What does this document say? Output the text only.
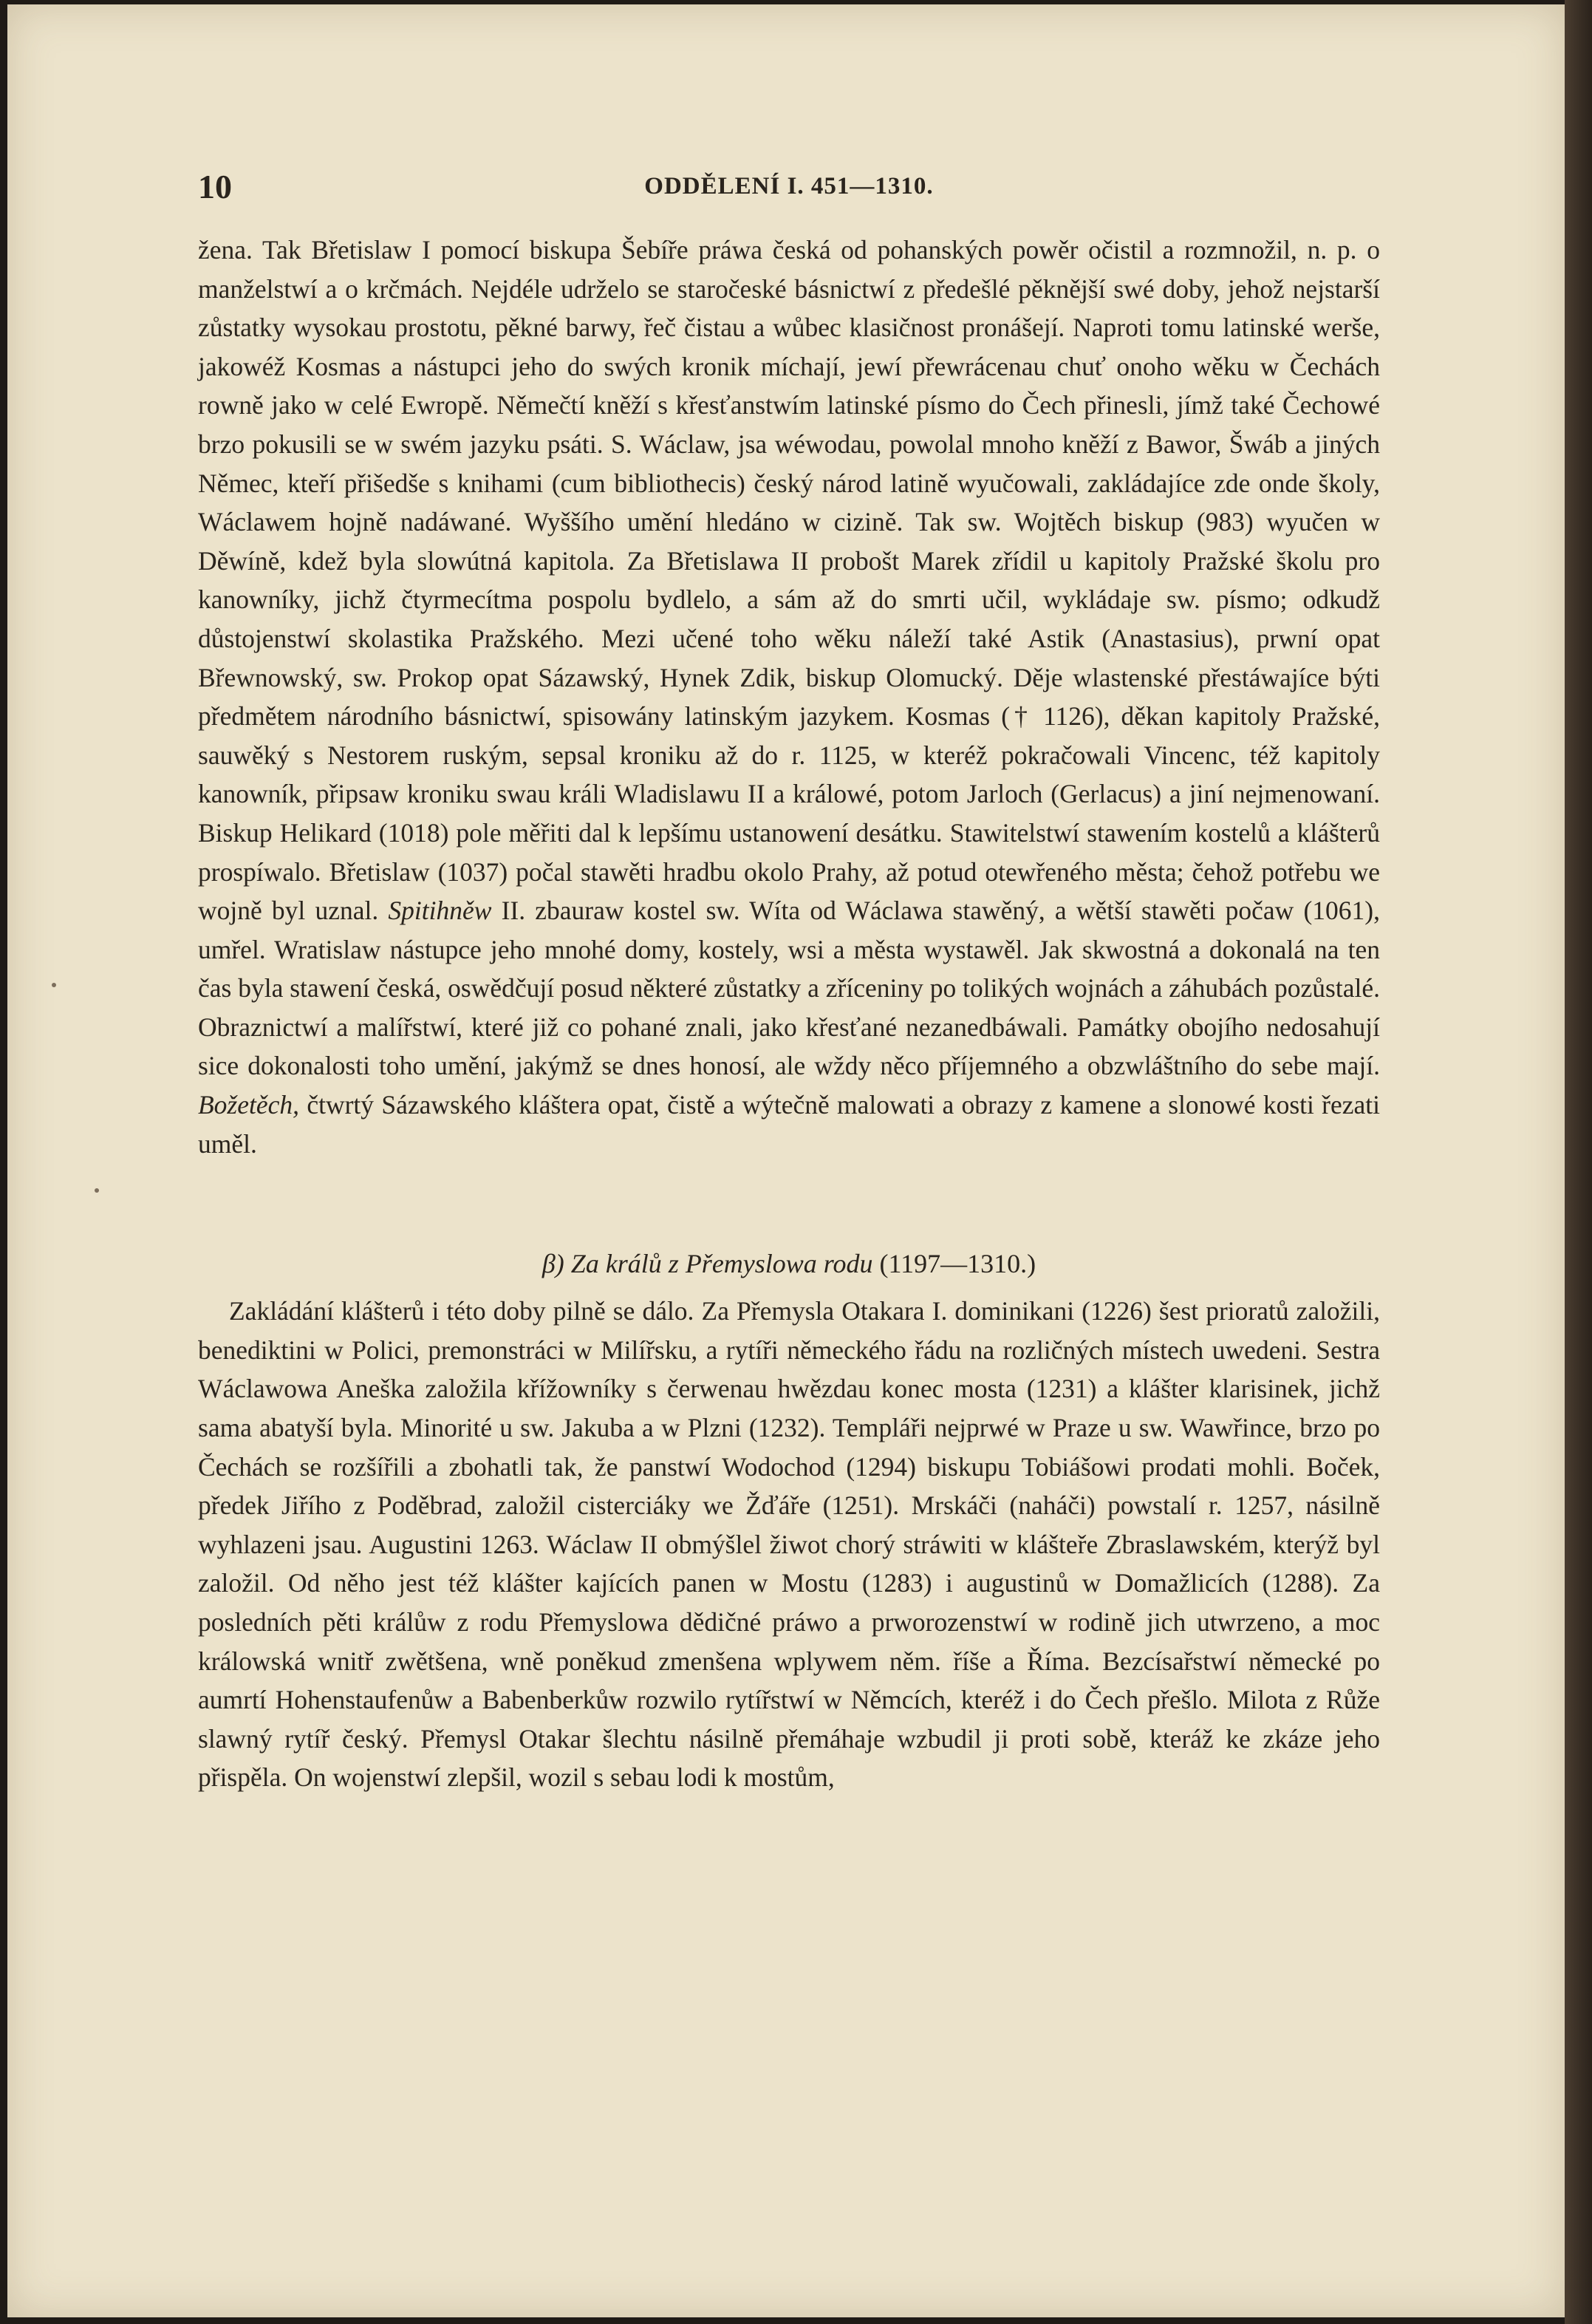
10	ODDĚLENÍ I. 451—1310.

žena. Tak Břetislaw I pomocí biskupa Šebíře práwa česká od pohanských powěr očistil a rozmnožil, n. p. o manželstwí a o krčmách. Nejdéle udrželo se staročeské básnictwí z předešlé pěknější swé doby, jehož nejstarší zůstatky wysokau prostotu, pěkné barwy, řeč čistau a wůbec klasičnost pronášejí. Naproti tomu latinské werše, jakowéž Kosmas a nástupci jeho do swých kronik míchají, jewí přewrácenau chuť onoho wěku w Čechách rowně jako w celé Ewropě. Němečtí kněží s křesťanstwím latinské písmo do Čech přinesli, jímž také Čechowé brzo pokusili se w swém jazyku psáti. S. Wáclaw, jsa wéwodau, powolal mnoho kněží z Bawor, Šwáb a jiných Němec, kteří přišedše s knihami (cum bibliothecis) český národ latině wyučowali, zakládajíce zde onde školy, Wáclawem hojně nadáwané. Wyššího umění hledáno w cizině. Tak sw. Wojtěch biskup (983) wyučen w Děwíně, kdež byla slowútná kapitola. Za Břetislawa II probošt Marek zřídil u kapitoly Pražské školu pro kanowníky, jichž čtyrmecítma pospolu bydlelo, a sám až do smrti učil, wykládaje sw. písmo; odkudž důstojenstwí skolastika Pražského. Mezi učené toho wěku náleží také Astik (Anastasius), prwní opat Břewnowský, sw. Prokop opat Sázawský, Hynek Zdik, biskup Olomucký. Děje wlastenské přestáwajíce býti předmětem národního básnictwí, spisowány latinským jazykem. Kosmas († 1126), děkan kapitoly Pražské, sauwěký s Nestorem ruským, sepsal kroniku až do r. 1125, w kteréž pokračowali Vincenc, též kapitoly kanowník, připsaw kroniku swau králi Wladislawu II a králowé, potom Jarloch (Gerlacus) a jiní nejmenowaní. Biskup Helikard (1018) pole měřiti dal k lepšímu ustanowení desátku. Stawitelstwí stawením kostelů a klášterů prospíwalo. Břetislaw (1037) počal stawěti hradbu okolo Prahy, až potud otewřeného města; čehož potřebu we wojně byl uznal. Spitihněw II. zbauraw kostel sw. Wíta od Wáclawa stawěný, a wětší stawěti počaw (1061), umřel. Wratislaw nástupce jeho mnohé domy, kostely, wsi a města wystawěl. Jak skwostná a dokonalá na ten čas byla stawení česká, oswědčují posud některé zůstatky a zříceniny po tolikých wojnách a záhubách pozůstalé. Obraznictwí a malířstwí, které již co pohané znali, jako křesťané nezanedbáwali. Památky obojího nedosahují sice dokonalosti toho umění, jakýmž se dnes honosí, ale wždy něco příjemného a obzwláštního do sebe mají. Božetěch, čtwrtý Sázawského kláštera opat, čistě a wýtečně malowati a obrazy z kamene a slonowé kosti řezati uměl.

β) Za králů z Přemyslowa rodu (1197—1310.)

Zakládání klášterů i této doby pilně se dálo. Za Přemysla Otakara I. dominikani (1226) šest prioratů založili, benediktini w Polici, premonstráci w Milířsku, a rytíři německého řádu na rozličných místech uwedeni. Sestra Wáclawowa Aneška založila křížowníky s čerwenau hwězdau konec mosta (1231) a klášter klarisinek, jichž sama abatyší byla. Minorité u sw. Jakuba a w Plzni (1232). Templáři nejprwé w Praze u sw. Wawřince, brzo po Čechách se rozšířili a zbohatli tak, že panstwí Wodochod (1294) biskupu Tobiášowi prodati mohli. Boček, předek Jiřího z Poděbrad, založil cisterciáky we Žďáře (1251). Mrskáči (naháči) powstalí r. 1257, násilně wyhlazeni jsau. Augustini 1263. Wáclaw II obmýšlel žiwot chorý stráwiti w klášteře Zbraslawském, kterýž byl založil. Od něho jest též klášter kajících panen w Mostu (1283) i augustinů w Domažlicích (1288). Za posledních pěti králůw z rodu Přemyslowa dědičné práwo a prworozenstwí w rodině jich utwrzeno, a moc králowská wnitř zwětšena, wně poněkud zmenšena wplywem něm. říše a Říma. Bezcísařstwí německé po aumrtí Hohenstaufenůw a Babenberkůw rozwilo rytířstwí w Němcích, kteréž i do Čech přešlo. Milota z Růže slawný rytíř český. Přemysl Otakar šlechtu násilně přemáhaje wzbudil ji proti sobě, kteráž ke zkáze jeho přispěla. On wojenstwí zlepšil, wozil s sebau lodi k mostům,
